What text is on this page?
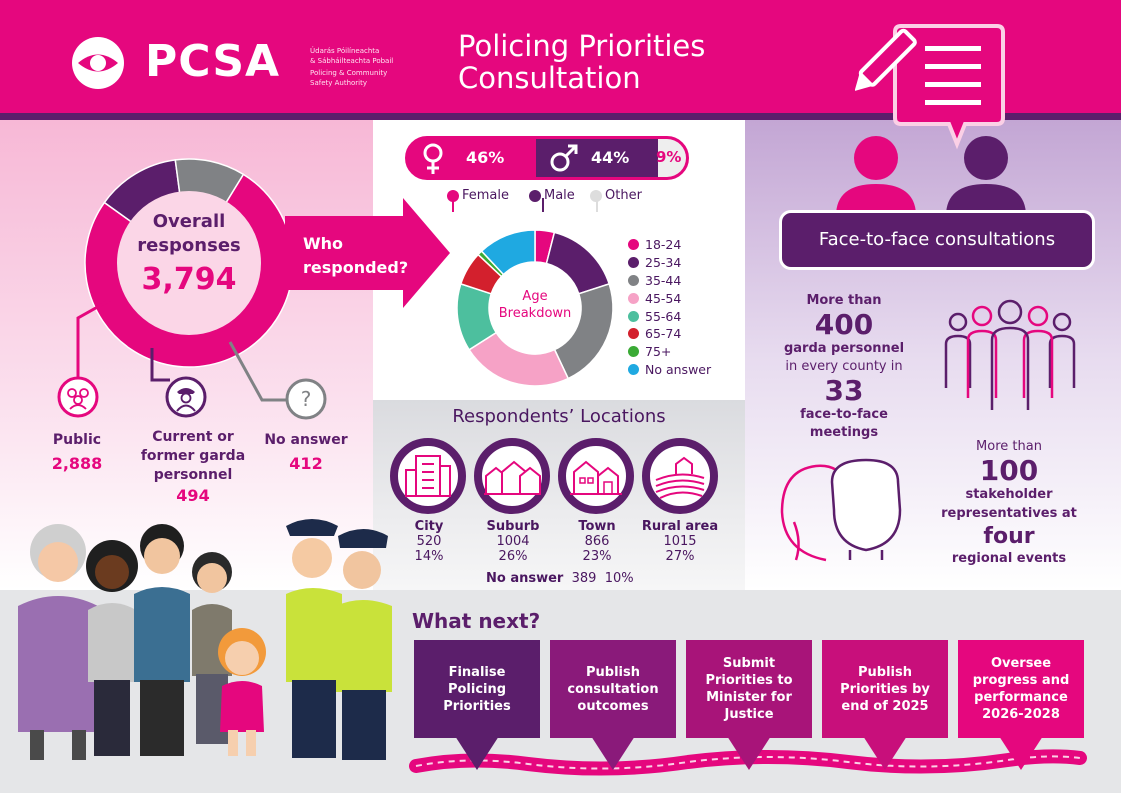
PCSA	Údarás Póilíneachta
& Sábháilteachta Pobail
Policing & Community
Safety Authority
Policing Priorities
Consultation
Overall
responses
3,794
Who
responded?
?
Public
2,888
Current or
former garda
personnel
494
No answer
412
46%	44% 9%
Female	Male Other
Age
Breakdown
18-24
25-34
35-44
45-54
55-64
65-74
75+
No answer
Respondents’ Locations
City
520
14%
Suburb
1004
26%
Town
866
23%
Rural area
1015
27%
No answer 389 10%
Face-to-face consultations
More than
400
garda personnel
in every county in
33
face-to-face
meetings
More than
100
stakeholder
representatives at
four
regional events
What next?
Finalise Policing Priorities
Publish consultation outcomes
Submit Priorities to Minister for Justice
Publish Priorities by end of 2025
Oversee progress and performance 2026-2028
